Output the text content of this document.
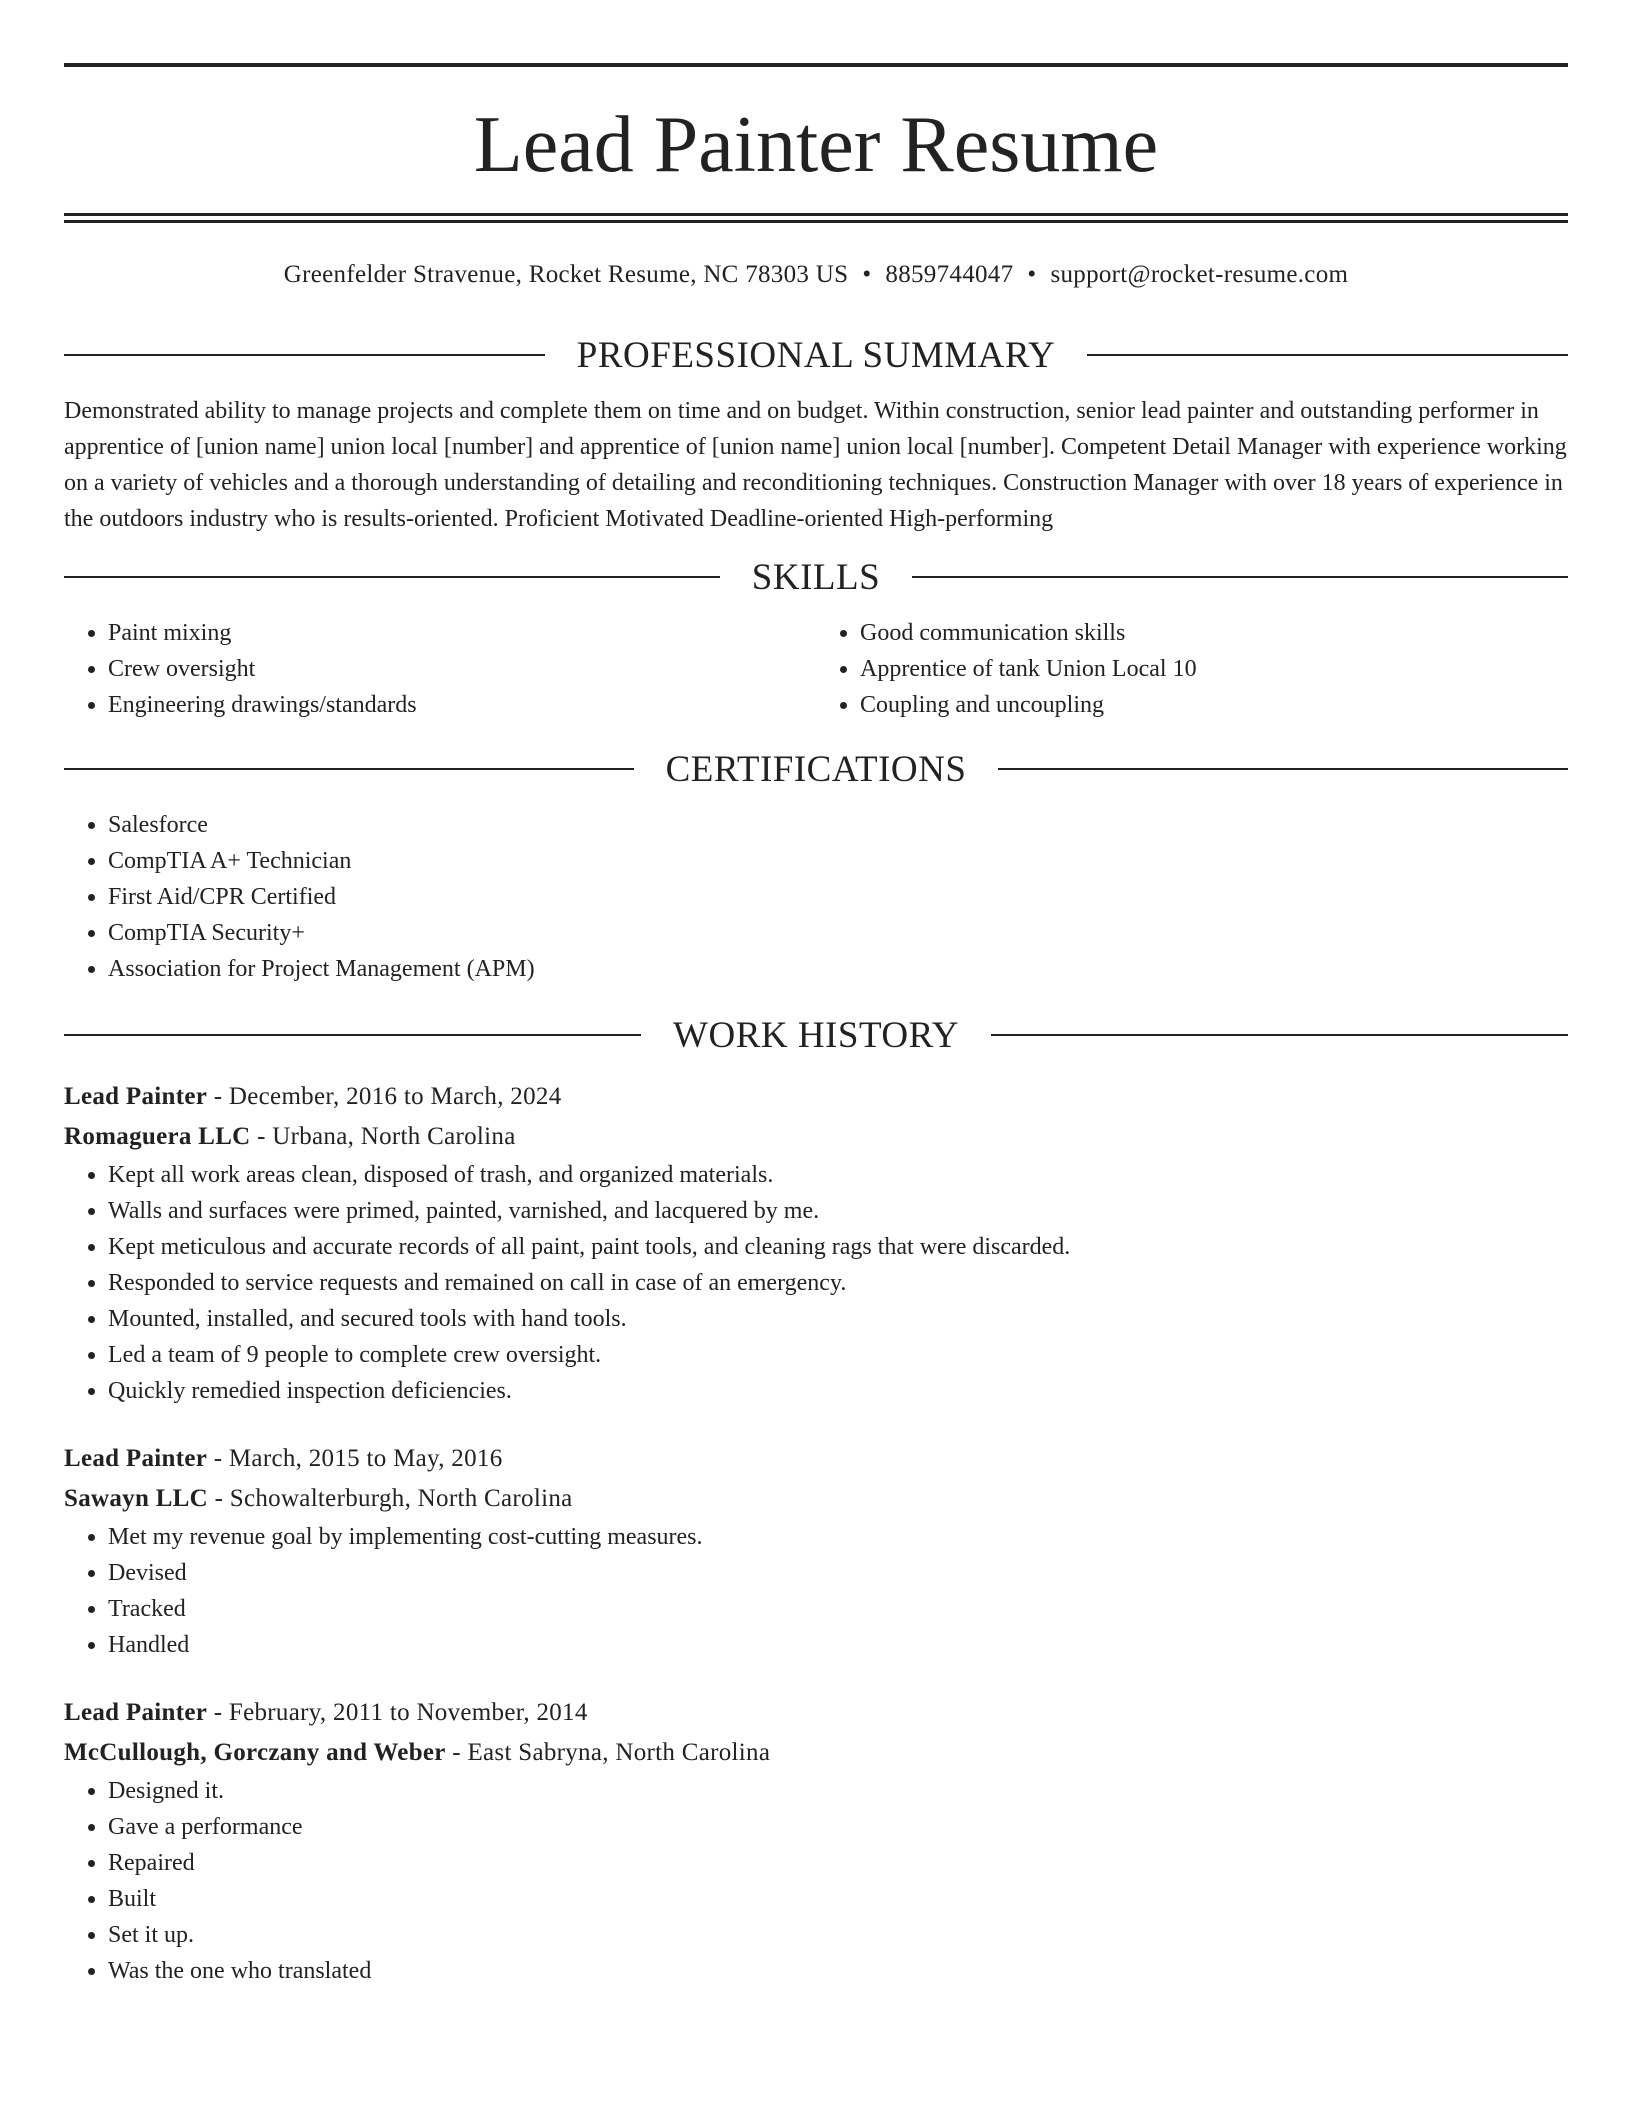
Lead Painter Resume
Greenfelder Stravenue, Rocket Resume, NC 78303 US • 8859744047 • support@rocket-resume.com
PROFESSIONAL SUMMARY

Demonstrated ability to manage projects and complete them on time and on budget. Within construction, senior lead painter and outstanding performer in apprentice of [union name] union local [number] and apprentice of [union name] union local [number]. Competent Detail Manager with experience working on a variety of vehicles and a thorough understanding of detailing and reconditioning techniques. Construction Manager with over 18 years of experience in the outdoors industry who is results-oriented. Proficient Motivated Deadline-oriented High-performing

SKILLS
• Paint mixing
• Crew oversight
• Engineering drawings/standards
• Good communication skills
• Apprentice of tank Union Local 10
• Coupling and uncoupling
CERTIFICATIONS
• Salesforce
• CompTIA A+ Technician
• First Aid/CPR Certified
• CompTIA Security+
• Association for Project Management (APM)
WORK HISTORY
Lead Painter - December, 2016 to March, 2024
Romaguera LLC - Urbana, North Carolina
• Kept all work areas clean, disposed of trash, and organized materials.
• Walls and surfaces were primed, painted, varnished, and lacquered by me.
• Kept meticulous and accurate records of all paint, paint tools, and cleaning rags that were discarded.
• Responded to service requests and remained on call in case of an emergency.
• Mounted, installed, and secured tools with hand tools.
• Led a team of 9 people to complete crew oversight.
• Quickly remedied inspection deficiencies.
Lead Painter - March, 2015 to May, 2016
Sawayn LLC - Schowalterburgh, North Carolina
• Met my revenue goal by implementing cost-cutting measures.
• Devised
• Tracked
• Handled
Lead Painter - February, 2011 to November, 2014
McCullough, Gorczany and Weber - East Sabryna, North Carolina
• Designed it.
• Gave a performance
• Repaired
• Built
• Set it up.
• Was the one who translated
